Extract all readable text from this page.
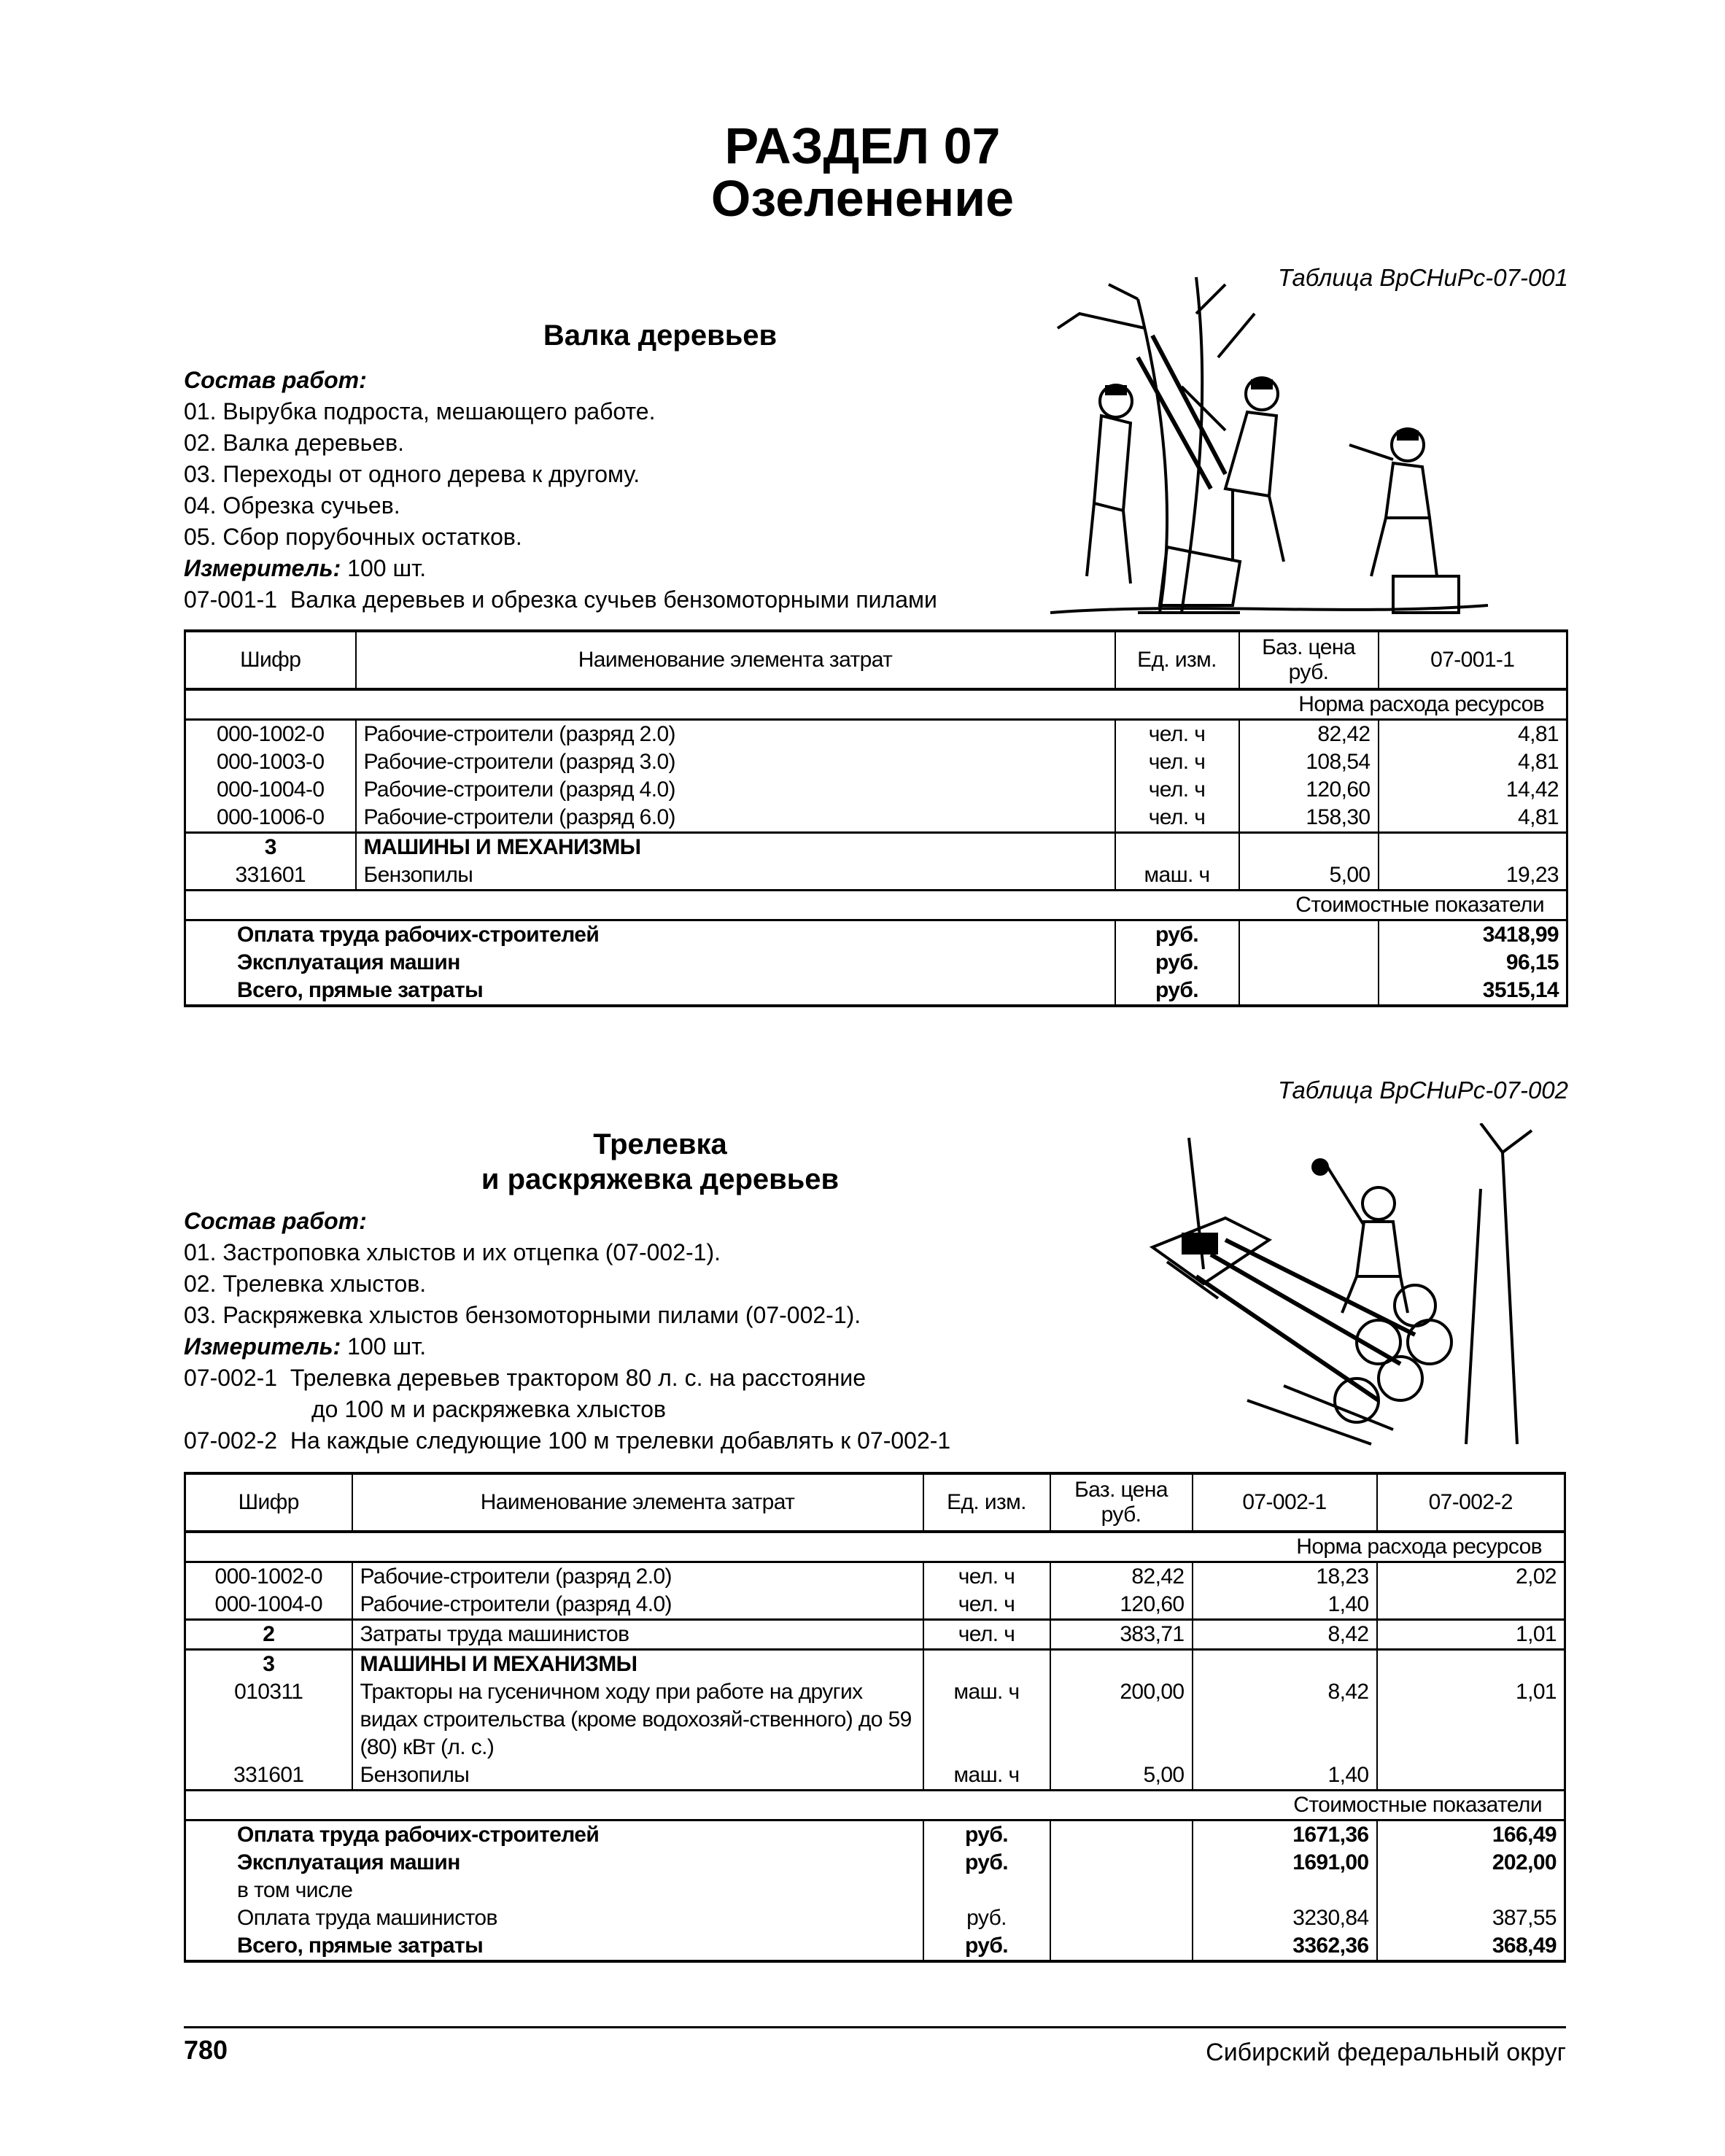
РАЗДЕЛ 07
Озеленение
Таблица ВрСНиРс-07-001
Валка деревьев
Состав работ:
01. Вырубка подроста, мешающего работе.
02. Валка деревьев.
03. Переходы от одного дерева к другому.
04. Обрезка сучьев.
05. Сбор порубочных остатков.
Измеритель: 100 шт.
07-001-1  Валка деревьев и обрезка сучьев бензомоторными пилами
Шифр	Наименование элемента затрат	Ед. изм.	Баз. цена руб.	07-001-1
Норма расхода ресурсов				
000-1002-0	Рабочие-строители (разряд 2.0)	чел. ч	82,42	4,81
000-1003-0	Рабочие-строители (разряд 3.0)	чел. ч	108,54	4,81
000-1004-0	Рабочие-строители (разряд 4.0)	чел. ч	120,60	14,42
000-1006-0	Рабочие-строители (разряд 6.0)	чел. ч	158,30	4,81
3	МАШИНЫ И МЕХАНИЗМЫ			
331601	Бензопилы	маш. ч	5,00	19,23
Стоимостные показатели				
Оплата труда рабочих-строителей		руб.		3418,99
Эксплуатация машин		руб.		96,15
Всего, прямые затраты		руб.		3515,14
Таблица ВрСНиРс-07-002
Трелевка
и раскряжевка деревьев
Состав работ:
01. Застроповка хлыстов и их отцепка (07-002-1).
02. Трелевка хлыстов.
03. Раскряжевка хлыстов бензомоторными пилами (07-002-1).
Измеритель: 100 шт.
07-002-1  Трелевка деревьев трактором 80 л. с. на расстояние
до 100 м и раскряжевка хлыстов
07-002-2  На каждые следующие 100 м трелевки добавлять к 07-002-1
Шифр	Наименование элемента затрат	Ед. изм.	Баз. цена руб.	07-002-1	07-002-2
Норма расхода ресурсов					
000-1002-0	Рабочие-строители (разряд 2.0)	чел. ч	82,42	18,23	2,02
000-1004-0	Рабочие-строители (разряд 4.0)	чел. ч	120,60	1,40	
2	Затраты труда машинистов	чел. ч	383,71	8,42	1,01
3	МАШИНЫ И МЕХАНИЗМЫ				
010311	Тракторы на гусеничном ходу при работе на других видах строительства (кроме водохозяй-ственного) до 59 (80) кВт (л. с.)	маш. ч	200,00	8,42	1,01
331601	Бензопилы	маш. ч	5,00	1,40	
Стоимостные показатели					
Оплата труда рабочих-строителей		руб.		1671,36	166,49
Эксплуатация машин		руб.		1691,00	202,00
в том числе					
Оплата труда машинистов		руб.		3230,84	387,55
Всего, прямые затраты		руб.		3362,36	368,49
780	Сибирский федеральный округ
